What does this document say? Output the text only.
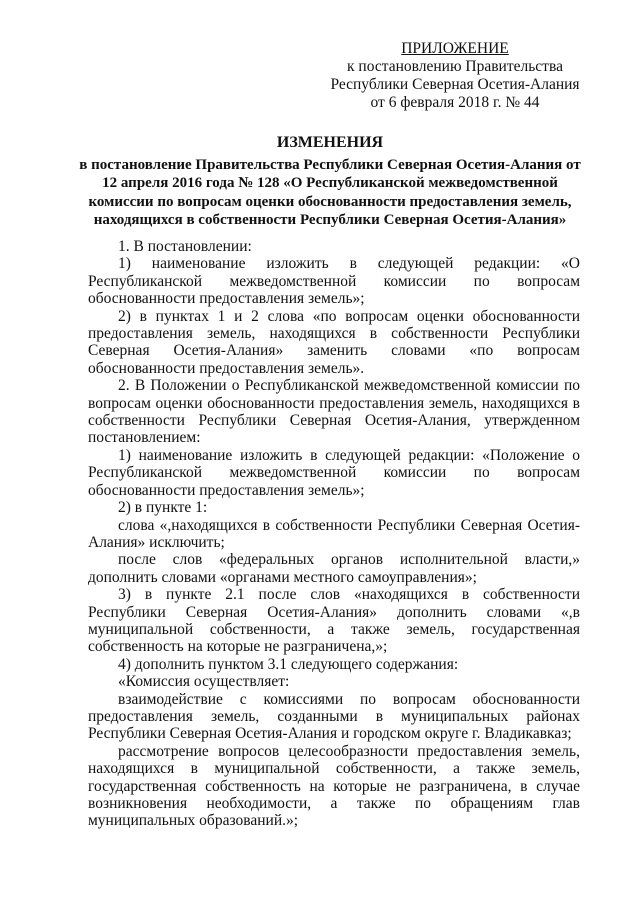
ПРИЛОЖЕНИЕ
к постановлению Правительства
Республики Северная Осетия-Алания
от 6 февраля 2018 г. № 44
ИЗМЕНЕНИЯ
в постановление Правительства Республики Северная Осетия-Алания от 12 апреля 2016 года № 128 «О Республиканской межведомственной комиссии по вопросам оценки обоснованности предоставления земель, находящихся в собственности Республики Северная Осетия-Алания»

1. В постановлении:

1) наименование изложить в следующей редакции: «О Республиканской межведомственной комиссии по вопросам обоснованности предоставления земель»;

2) в пунктах 1 и 2 слова «по вопросам оценки обоснованности предоставления земель, находящихся в собственности Республики Северная Осетия-Алания» заменить словами «по вопросам обоснованности предоставления земель».

2. В Положении о Республиканской межведомственной комиссии по вопросам оценки обоснованности предоставления земель, находящихся в собственности Республики Северная Осетия-Алания, утвержденном постановлением:

1) наименование изложить в следующей редакции: «Положение о Республиканской межведомственной комиссии по вопросам обоснованности предоставления земель»;

2) в пункте 1:

слова «,находящихся в собственности Республики Северная Осетия-Алания» исключить;

после слов «федеральных органов исполнительной власти,» дополнить словами «органами местного самоуправления»;

3) в пункте 2.1 после слов «находящихся в собственности Республики Северная Осетия-Алания» дополнить словами «,в муниципальной собственности, а также земель, государственная собственность на которые не разграничена,»;

4) дополнить пунктом 3.1 следующего содержания:

«Комиссия осуществляет:

взаимодействие с комиссиями по вопросам обоснованности предоставления земель, созданными в муниципальных районах Республики Северная Осетия-Алания и городском округе г. Владикавказ;

рассмотрение вопросов целесообразности предоставления земель, находящихся в муниципальной собственности, а также земель, государственная собственность на которые не разграничена, в случае возникновения необходимости, а также по обращениям глав муниципальных образований.»;
